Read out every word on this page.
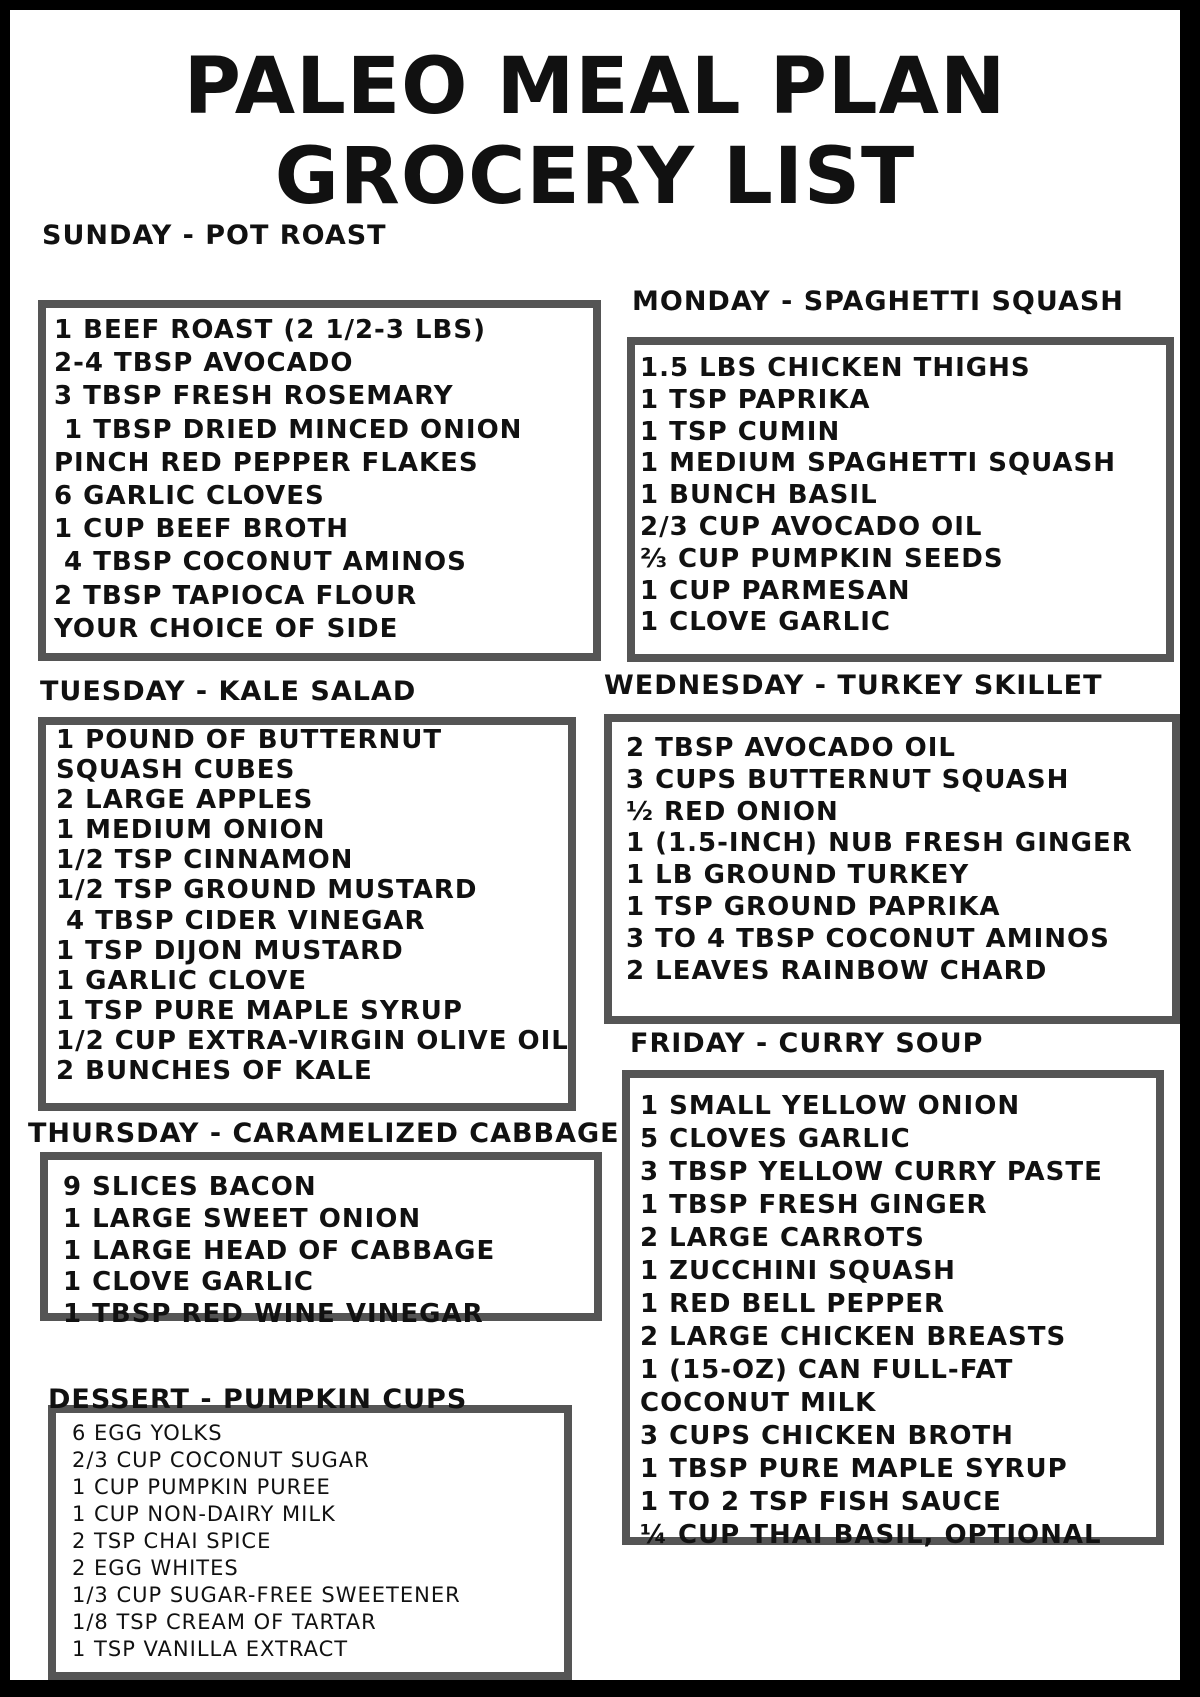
PALEO MEAL PLAN
GROCERY LIST
SUNDAY - POT ROAST
1 BEEF ROAST (2 1/2-3 LBS)
2-4 TBSP AVOCADO
3 TBSP FRESH ROSEMARY
1 TBSP DRIED MINCED ONION
PINCH RED PEPPER FLAKES
6 GARLIC CLOVES
1 CUP BEEF BROTH
4 TBSP COCONUT AMINOS
2 TBSP TAPIOCA FLOUR
YOUR CHOICE OF SIDE
MONDAY - SPAGHETTI SQUASH
1.5 LBS CHICKEN THIGHS
1 TSP PAPRIKA
1 TSP CUMIN
1 MEDIUM SPAGHETTI SQUASH
1 BUNCH BASIL
2/3 CUP AVOCADO OIL
⅔ CUP PUMPKIN SEEDS
1 CUP PARMESAN
1 CLOVE GARLIC
TUESDAY - KALE SALAD
1 POUND OF BUTTERNUT
SQUASH CUBES
2 LARGE APPLES
1 MEDIUM ONION
1/2 TSP CINNAMON
1/2 TSP GROUND MUSTARD
4 TBSP CIDER VINEGAR
1 TSP DIJON MUSTARD
1 GARLIC CLOVE
1 TSP PURE MAPLE SYRUP
1/2 CUP EXTRA-VIRGIN OLIVE OIL
2 BUNCHES OF KALE
WEDNESDAY - TURKEY SKILLET
2 TBSP AVOCADO OIL
3 CUPS BUTTERNUT SQUASH
½ RED ONION
1 (1.5-INCH) NUB FRESH GINGER
1 LB GROUND TURKEY
1 TSP GROUND PAPRIKA
3 TO 4 TBSP COCONUT AMINOS
2 LEAVES RAINBOW CHARD
THURSDAY - CARAMELIZED CABBAGE
9 SLICES BACON
1 LARGE SWEET ONION
1 LARGE HEAD OF CABBAGE
1 CLOVE GARLIC
1 TBSP RED WINE VINEGAR
FRIDAY - CURRY SOUP
1 SMALL YELLOW ONION
5 CLOVES GARLIC
3 TBSP YELLOW CURRY PASTE
1 TBSP FRESH GINGER
2 LARGE CARROTS
1 ZUCCHINI SQUASH
1 RED BELL PEPPER
2 LARGE CHICKEN BREASTS
1 (15-OZ) CAN FULL-FAT
COCONUT MILK
3 CUPS CHICKEN BROTH
1 TBSP PURE MAPLE SYRUP
1 TO 2 TSP FISH SAUCE
¼ CUP THAI BASIL, OPTIONAL
DESSERT - PUMPKIN CUPS
6 EGG YOLKS
2/3 CUP COCONUT SUGAR
1 CUP PUMPKIN PUREE
1 CUP NON-DAIRY MILK
2 TSP CHAI SPICE
2 EGG WHITES
1/3 CUP SUGAR-FREE SWEETENER
1/8 TSP CREAM OF TARTAR
1 TSP VANILLA EXTRACT
